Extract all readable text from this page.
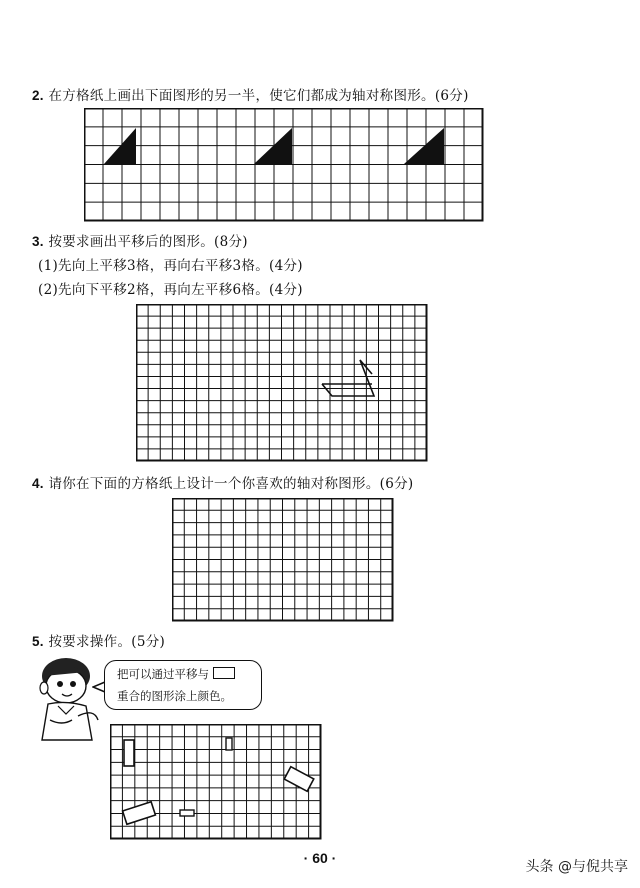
2. 在方格纸上画出下面图形的另一半，使它们都成为轴对称图形。(6分)
3. 按要求画出平移后的图形。(8分)
(1)先向上平移3格，再向右平移3格。(4分)
(2)先向下平移2格，再向左平移6格。(4分)
4. 请你在下面的方格纸上设计一个你喜欢的轴对称图形。(6分)
5. 按要求操作。(5分)
把可以通过平移与
重合的图形涂上颜色。
· 60 ·
头条 @与倪共享
